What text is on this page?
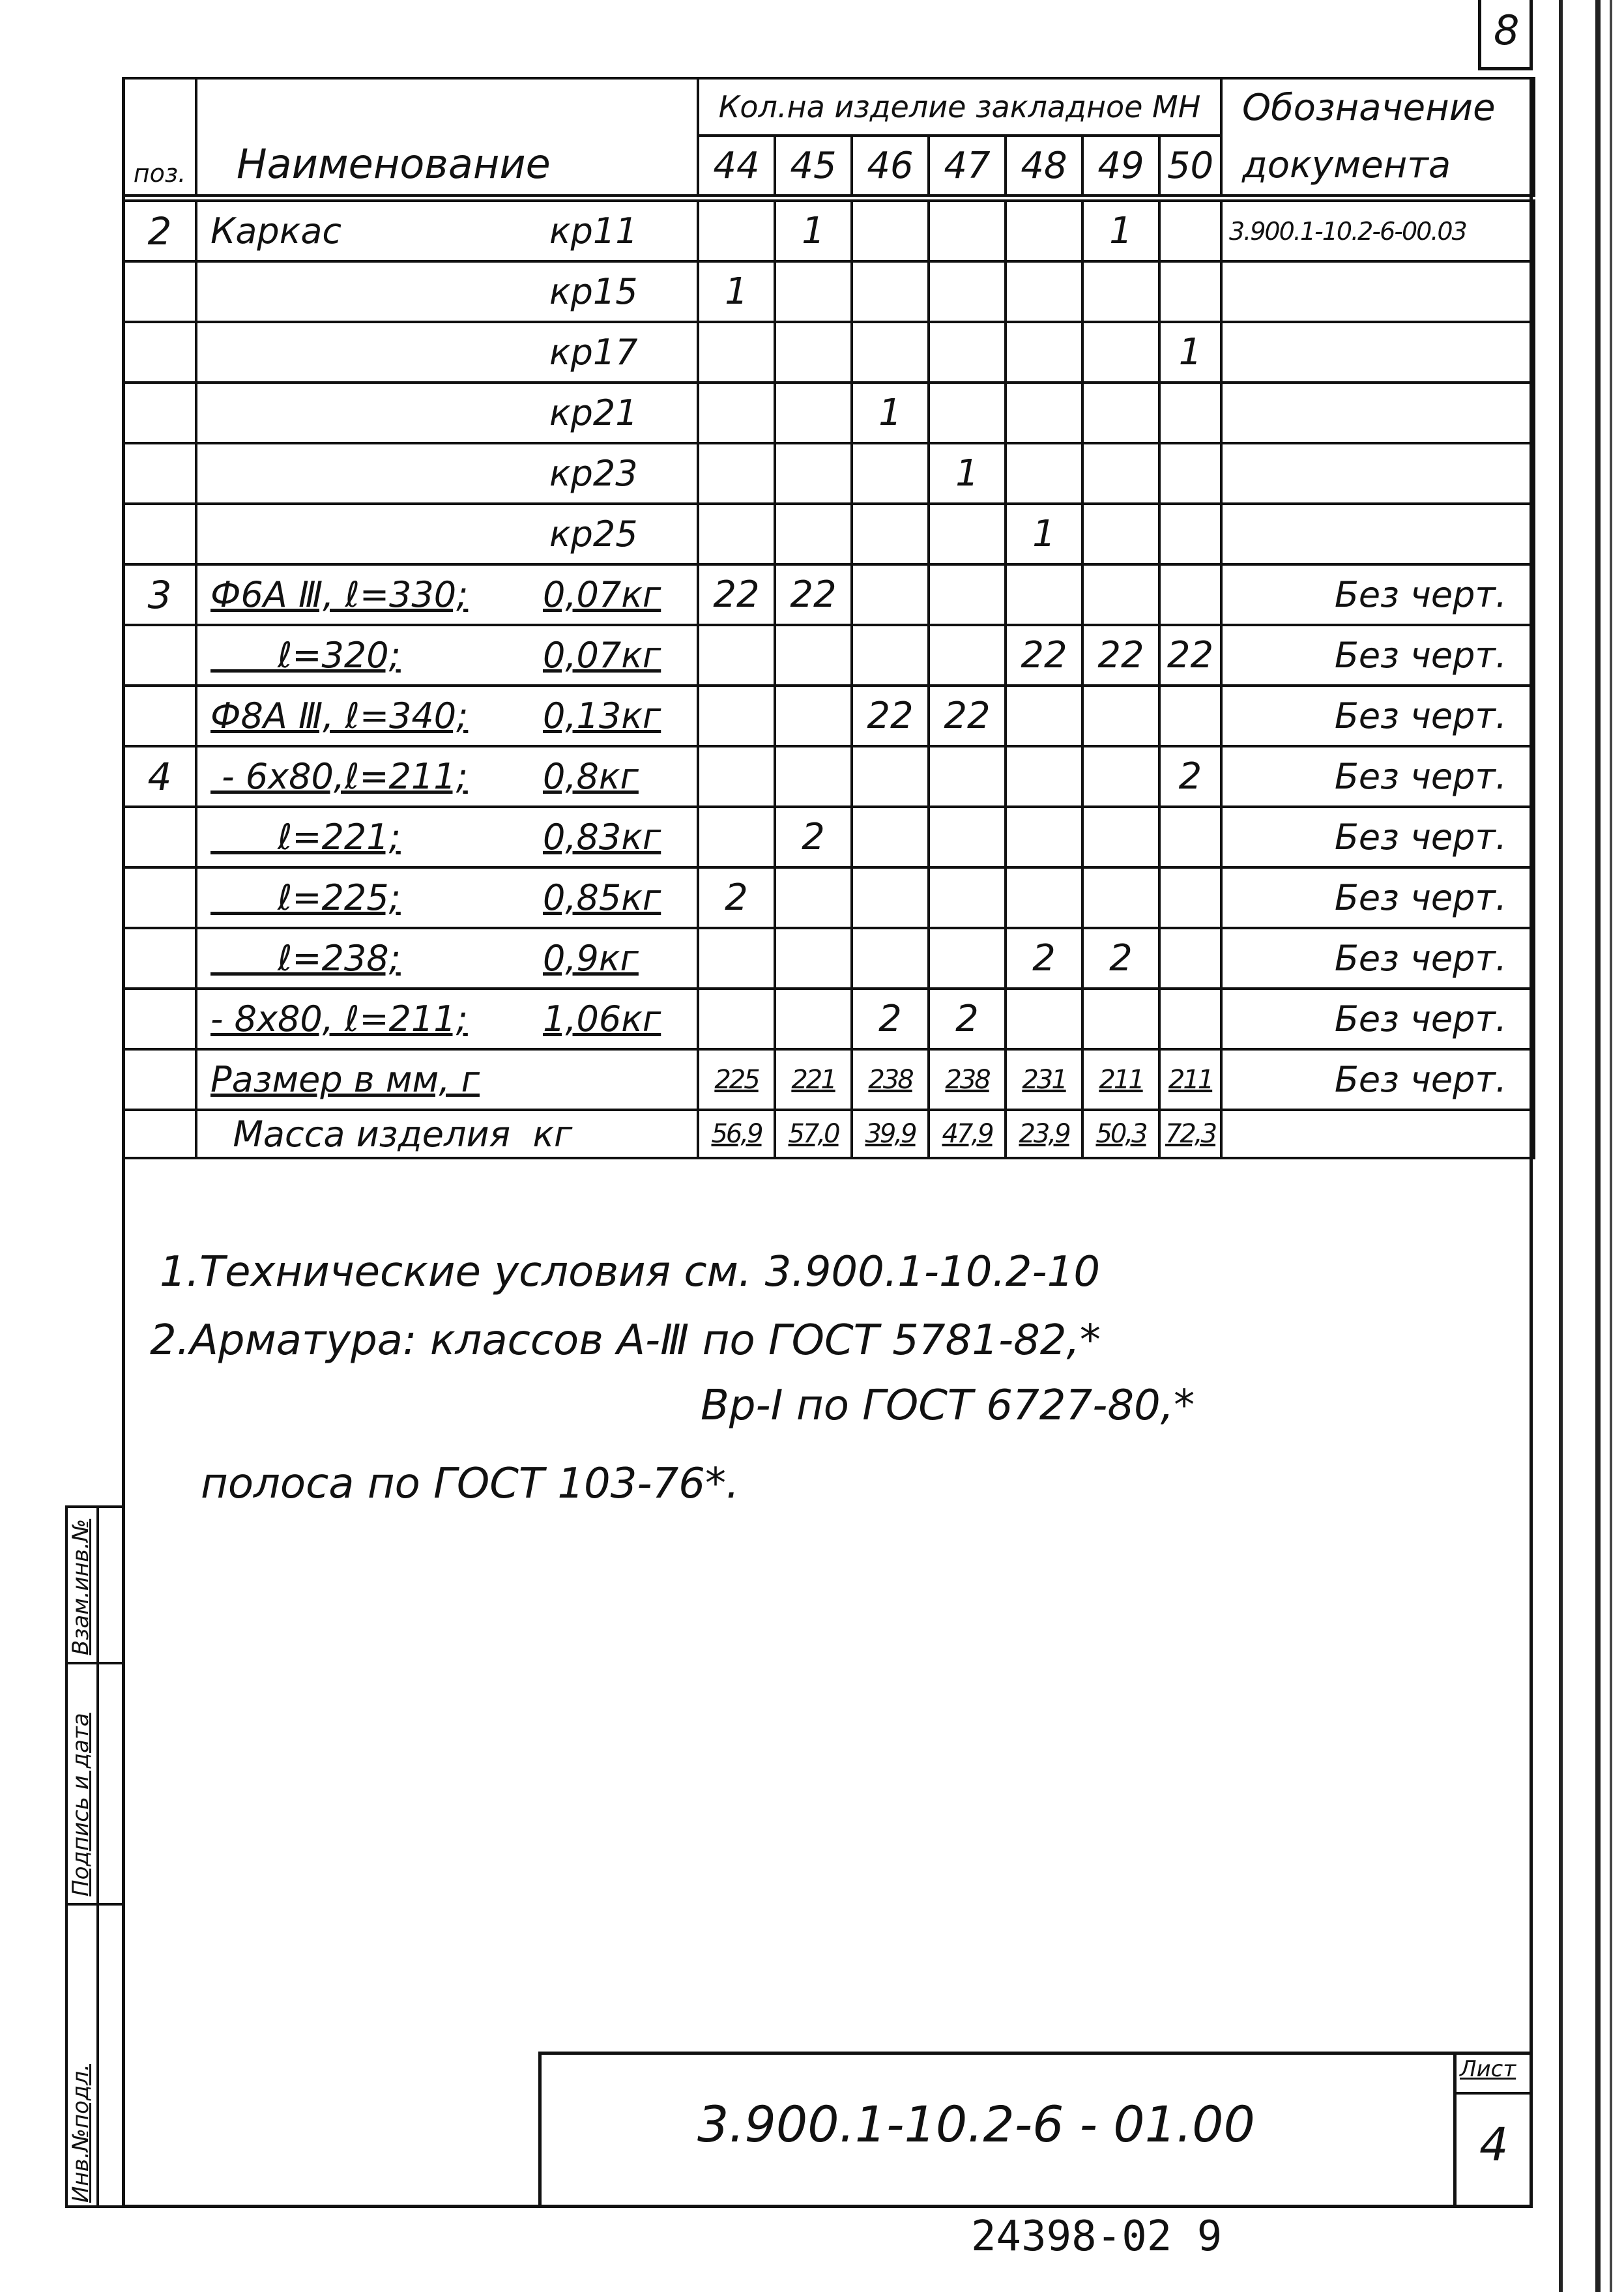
8
поз.	Наименование	Кол.на изделие закладное МН							Обозначение
		44	45	46	47	48	49	50	документа
2	Каркас кр11		1				1		3.900.1-10.2-6-00.03
	кр15	1							
	кр17							1	
	кр21			1					
	кр23				1				
	кр25					1			
3	Ф6А Ⅲ, ℓ=330; 0,07кг	22	22						Без черт.
	ℓ=320; 0,07кг					22	22	22	Без черт.
	Ф8А Ⅲ, ℓ=340; 0,13кг			22	22				Без черт.
4	- 6х80,ℓ=211; 0,8кг							2	Без черт.
	ℓ=221; 0,83кг		2						Без черт.
	ℓ=225; 0,85кг	2							Без черт.
	ℓ=238; 0,9кг					2	2		Без черт.
	- 8х80, ℓ=211; 1,06кг			2	2				Без черт.
	Размер в мм, г	225	221	238	238	231	211	211	Без черт.
	Масса изделия  кг	56,9	57,0	39,9	47,9	23,9	50,3	72,3	
1.Технические условия см. 3.900.1-10.2-10
2.Арматура: классов А-Ⅲ по ГОСТ 5781-82,*
Вр-Ⅰ по ГОСТ 6727-80,*
полоса по ГОСТ 103-76*.
Инв.№подл.
Подпись и дата
Взам.инв.№
3.900.1-10.2-6 - 01.00
Лист
4
24398-02 9
